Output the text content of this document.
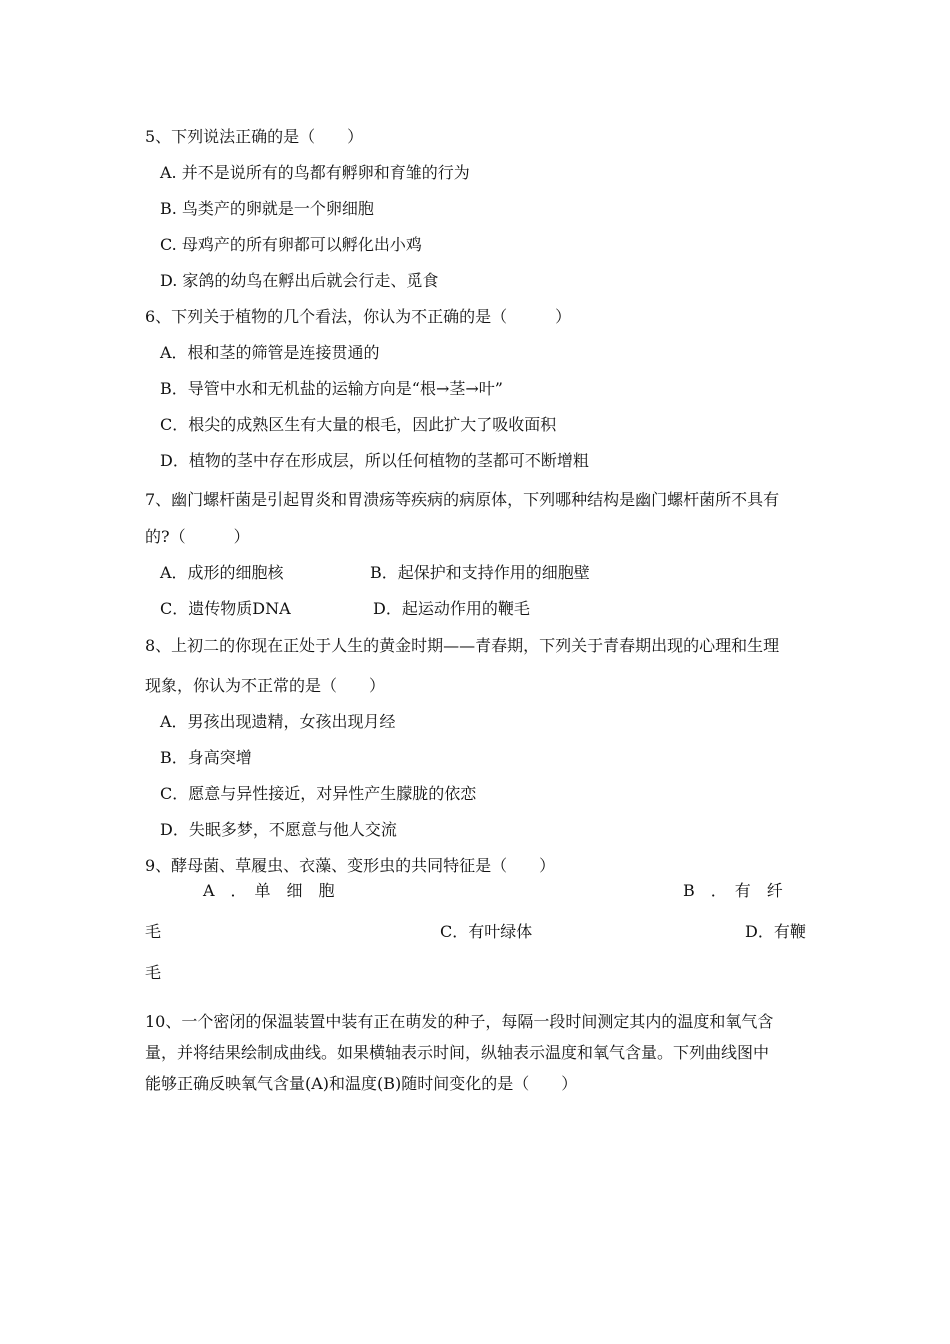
5、下列说法正确的是（　　）
A. 并不是说所有的鸟都有孵卵和育雏的行为
B. 鸟类产的卵就是一个卵细胞
C. 母鸡产的所有卵都可以孵化出小鸡
D. 家鸽的幼鸟在孵出后就会行走、觅食
6、下列关于植物的几个看法，你认为不正确的是（　　　）
A．根和茎的筛管是连接贯通的
B．导管中水和无机盐的运输方向是“根→茎→叶”
C．根尖的成熟区生有大量的根毛，因此扩大了吸收面积
D．植物的茎中存在形成层，所以任何植物的茎都可不断增粗
7、幽门螺杆菌是引起胃炎和胃溃疡等疾病的病原体，下列哪种结构是幽门螺杆菌所不具有
的?（　　　）
A．成形的细胞核	B．起保护和支持作用的细胞壁
C．遗传物质DNA	D．起运动作用的鞭毛
8、上初二的你现在正处于人生的黄金时期——青春期，下列关于青春期出现的心理和生理
现象，你认为不正常的是（　　）
A．男孩出现遗精，女孩出现月经
B．身高突增
C．愿意与异性接近，对异性产生朦胧的依恋
D．失眠多梦，不愿意与他人交流
9、酵母菌、草履虫、衣藻、变形虫的共同特征是（　　）
A　．　单　细　胞	B　．　有　纤
毛	C．有叶绿体	D．有鞭
毛
10、一个密闭的保温装置中装有正在萌发的种子，每隔一段时间测定其内的温度和氧气含
量，并将结果绘制成曲线。如果横轴表示时间，纵轴表示温度和氧气含量。下列曲线图中
能够正确反映氧气含量(A)和温度(B)随时间变化的是（　　）
